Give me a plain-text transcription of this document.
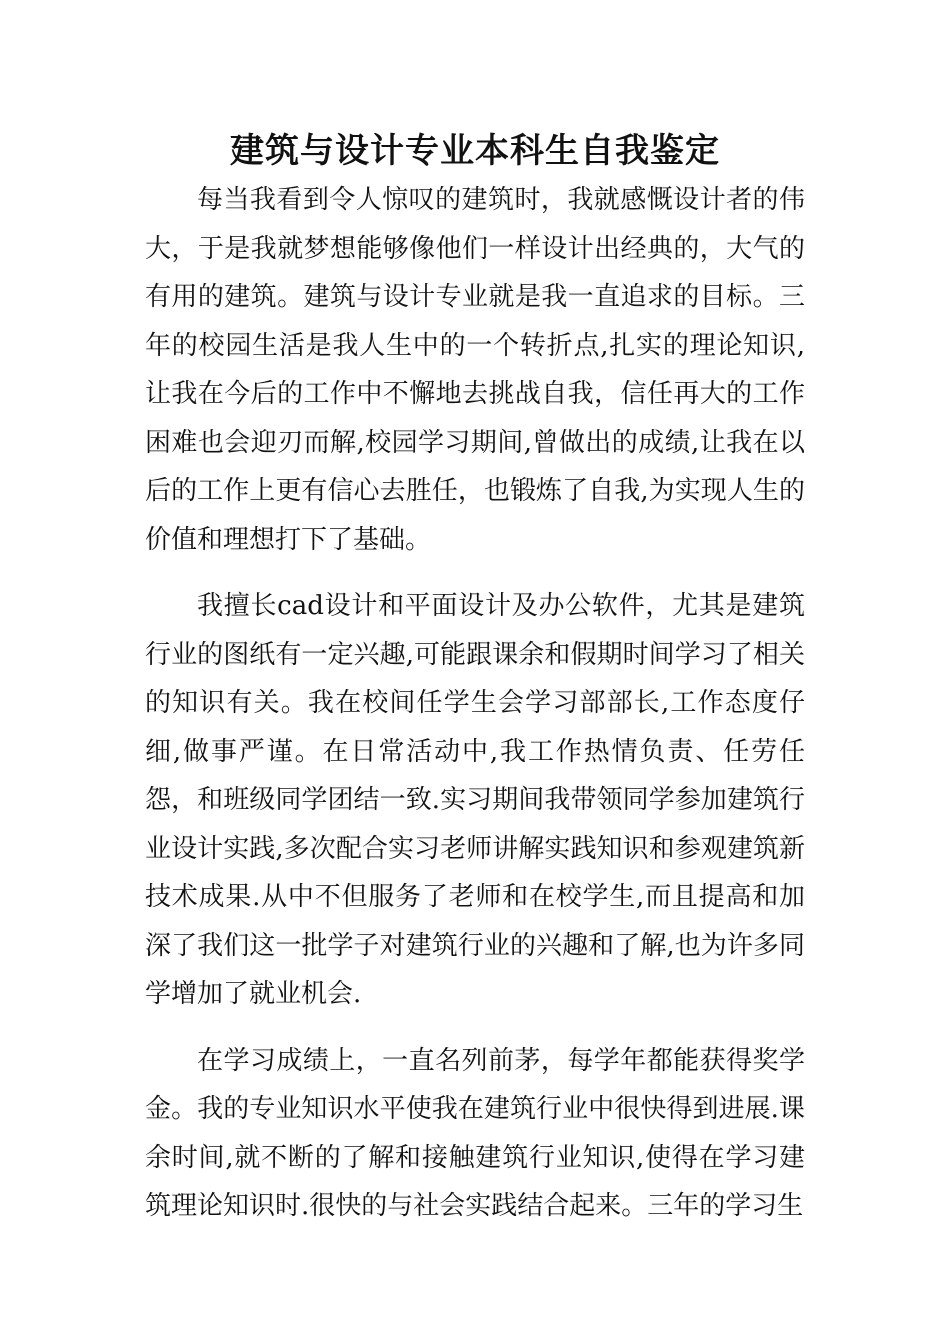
建筑与设计专业本科生自我鉴定

每当我看到令人惊叹的建筑时，我就感慨设计者的伟大，于是我就梦想能够像他们一样设计出经典的，大气的有用的建筑。建筑与设计专业就是我一直追求的目标。三年的校园生活是我人生中的一个转折点,扎实的理论知识,让我在今后的工作中不懈地去挑战自我，信任再大的工作困难也会迎刃而解,校园学习期间,曾做出的成绩,让我在以后的工作上更有信心去胜任，也锻炼了自我,为实现人生的价值和理想打下了基础。

我擅长cad设计和平面设计及办公软件，尤其是建筑行业的图纸有一定兴趣,可能跟课余和假期时间学习了相关的知识有关。我在校间任学生会学习部部长,工作态度仔细,做事严谨。在日常活动中,我工作热情负责、任劳任怨，和班级同学团结一致.实习期间我带领同学参加建筑行业设计实践,多次配合实习老师讲解实践知识和参观建筑新技术成果.从中不但服务了老师和在校学生,而且提高和加深了我们这一批学子对建筑行业的兴趣和了解,也为许多同学增加了就业机会.

在学习成绩上，一直名列前茅，每学年都能获得奖学金。我的专业知识水平使我在建筑行业中很快得到进展.课余时间,就不断的了解和接触建筑行业知识,使得在学习建筑理论知识时.很快的与社会实践结合起来。三年的学习生
